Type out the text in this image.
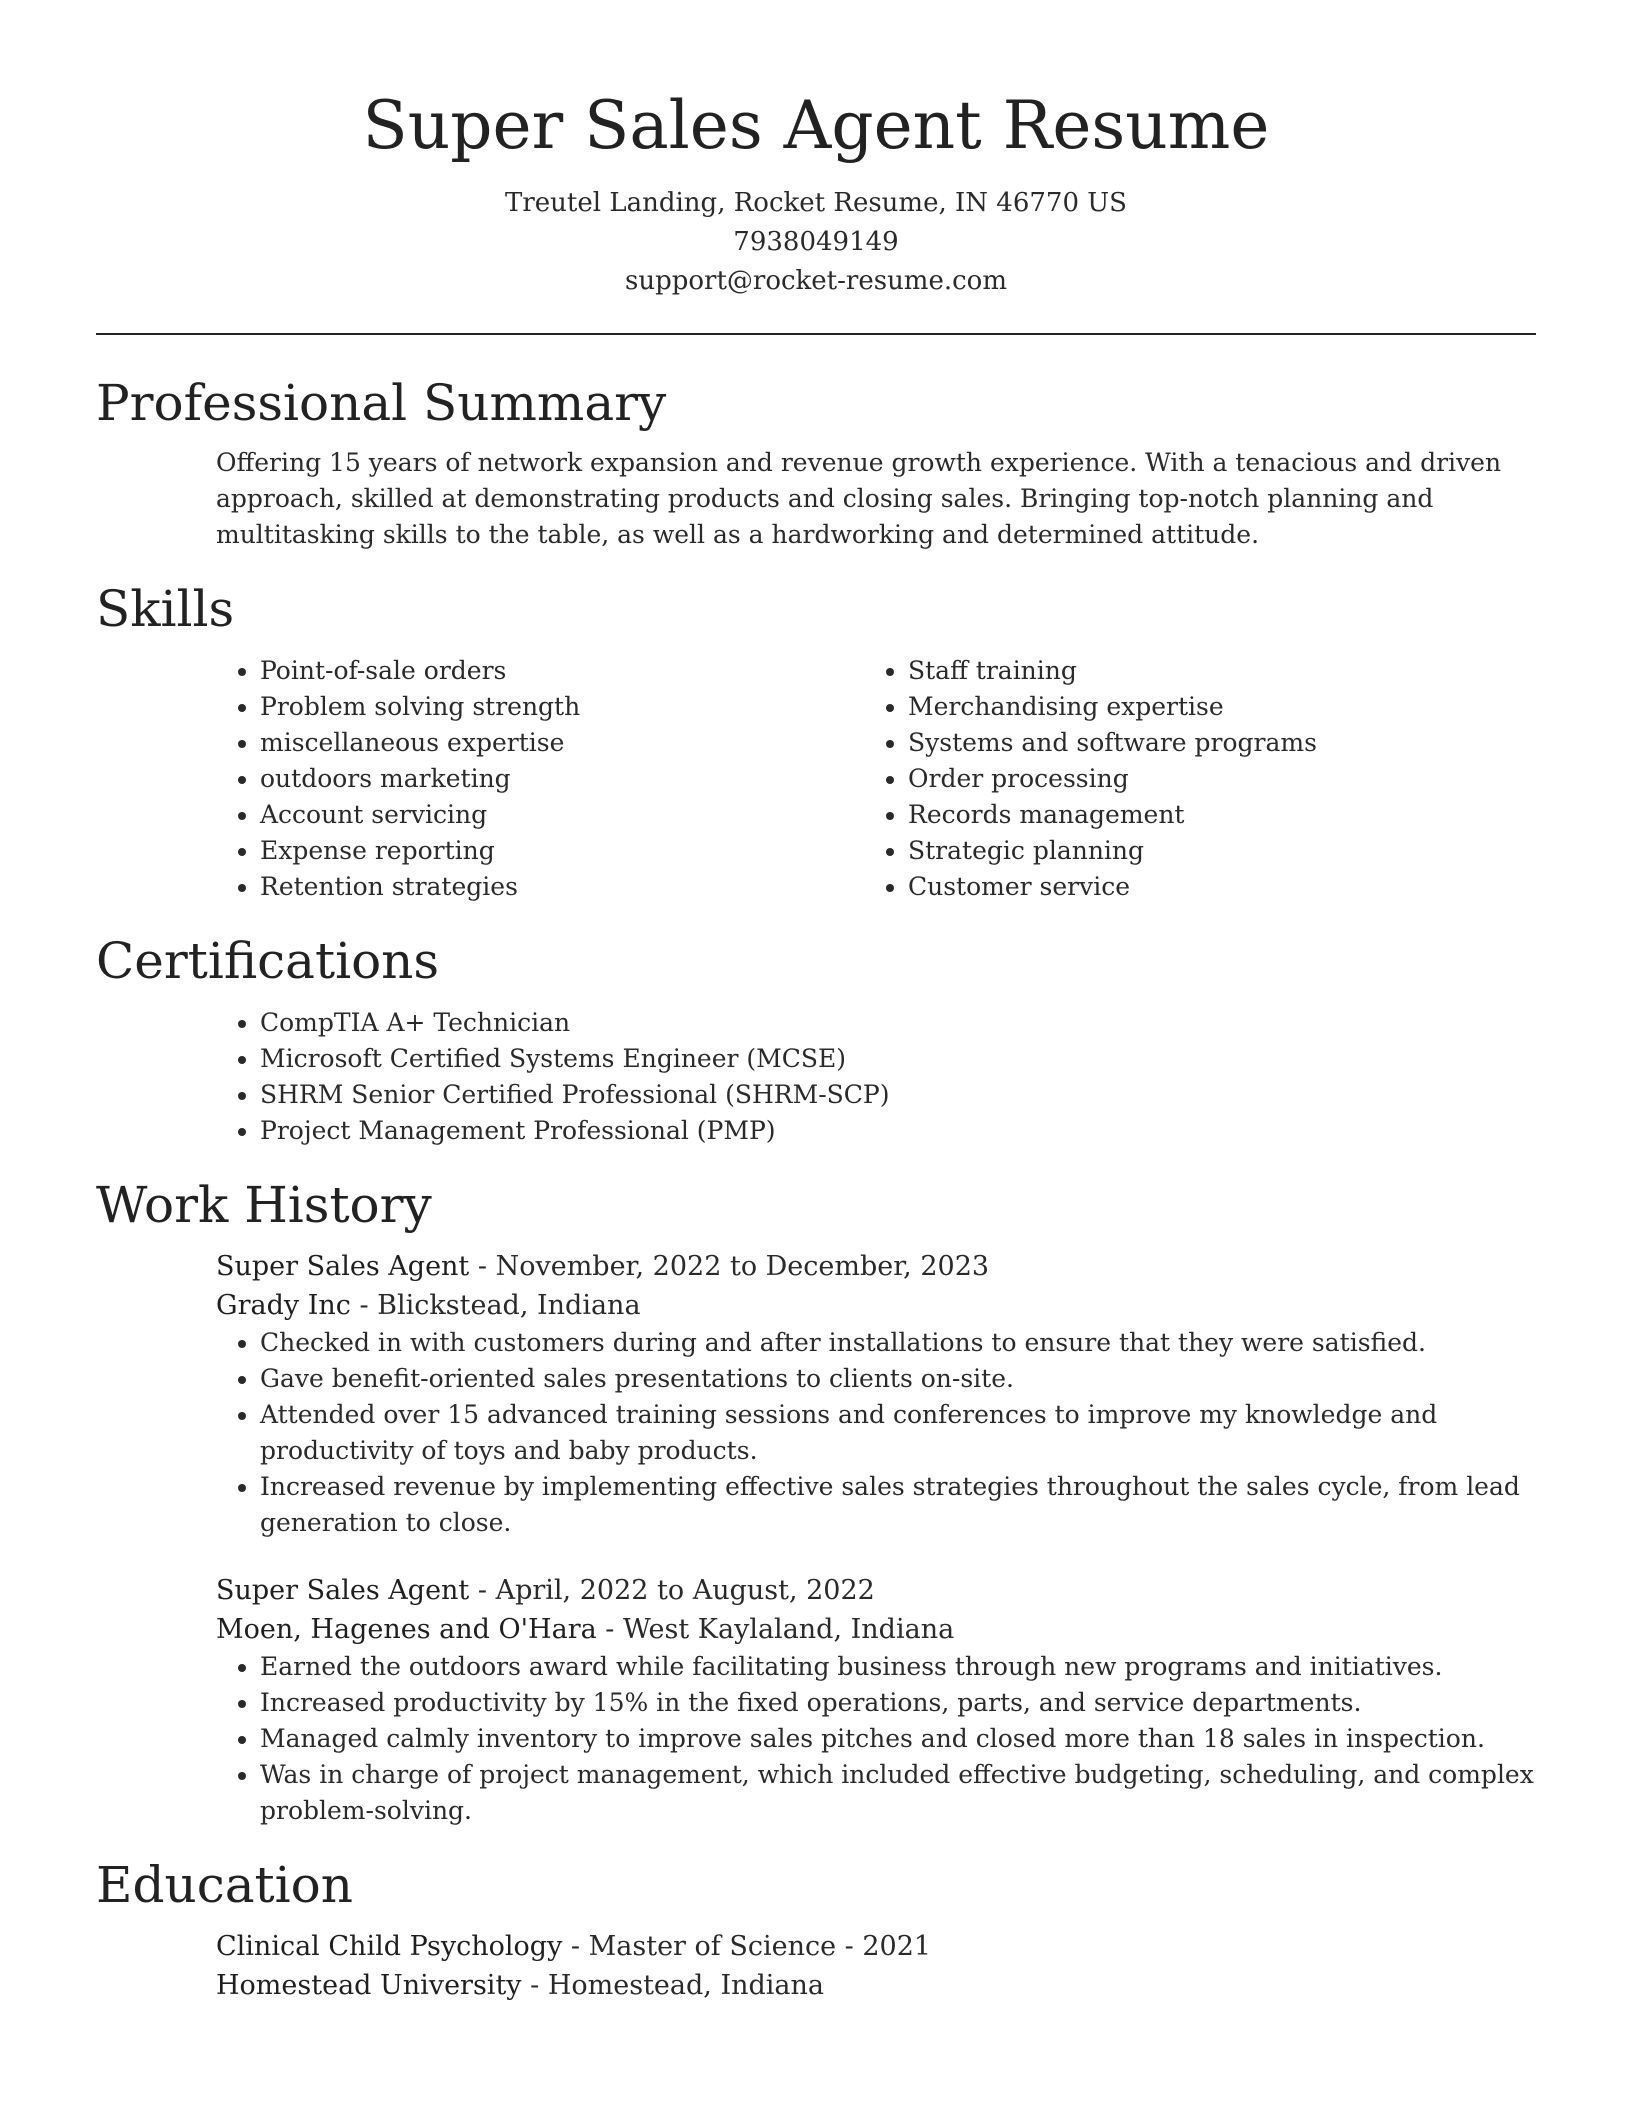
Super Sales Agent Resume
Treutel Landing, Rocket Resume, IN 46770 US
7938049149
support@rocket-resume.com
Professional Summary
Offering 15 years of network expansion and revenue growth experience. With a tenacious and driven approach, skilled at demonstrating products and closing sales. Bringing top-notch planning and multitasking skills to the table, as well as a hardworking and determined attitude.
Skills
• Point-of-sale orders
• Problem solving strength
• miscellaneous expertise
• outdoors marketing
• Account servicing
• Expense reporting
• Retention strategies
• Staff training
• Merchandising expertise
• Systems and software programs
• Order processing
• Records management
• Strategic planning
• Customer service
Certifications
• CompTIA A+ Technician
• Microsoft Certified Systems Engineer (MCSE)
• SHRM Senior Certified Professional (SHRM-SCP)
• Project Management Professional (PMP)
Work History
Super Sales Agent - November, 2022 to December, 2023
Grady Inc - Blickstead, Indiana
• Checked in with customers during and after installations to ensure that they were satisfied.
• Gave benefit-oriented sales presentations to clients on-site.
• Attended over 15 advanced training sessions and conferences to improve my knowledge and productivity of toys and baby products.
• Increased revenue by implementing effective sales strategies throughout the sales cycle, from lead generation to close.
Super Sales Agent - April, 2022 to August, 2022
Moen, Hagenes and O'Hara - West Kaylaland, Indiana
• Earned the outdoors award while facilitating business through new programs and initiatives.
• Increased productivity by 15% in the fixed operations, parts, and service departments.
• Managed calmly inventory to improve sales pitches and closed more than 18 sales in inspection.
• Was in charge of project management, which included effective budgeting, scheduling, and complex problem-solving.
Education
Clinical Child Psychology - Master of Science - 2021
Homestead University - Homestead, Indiana
